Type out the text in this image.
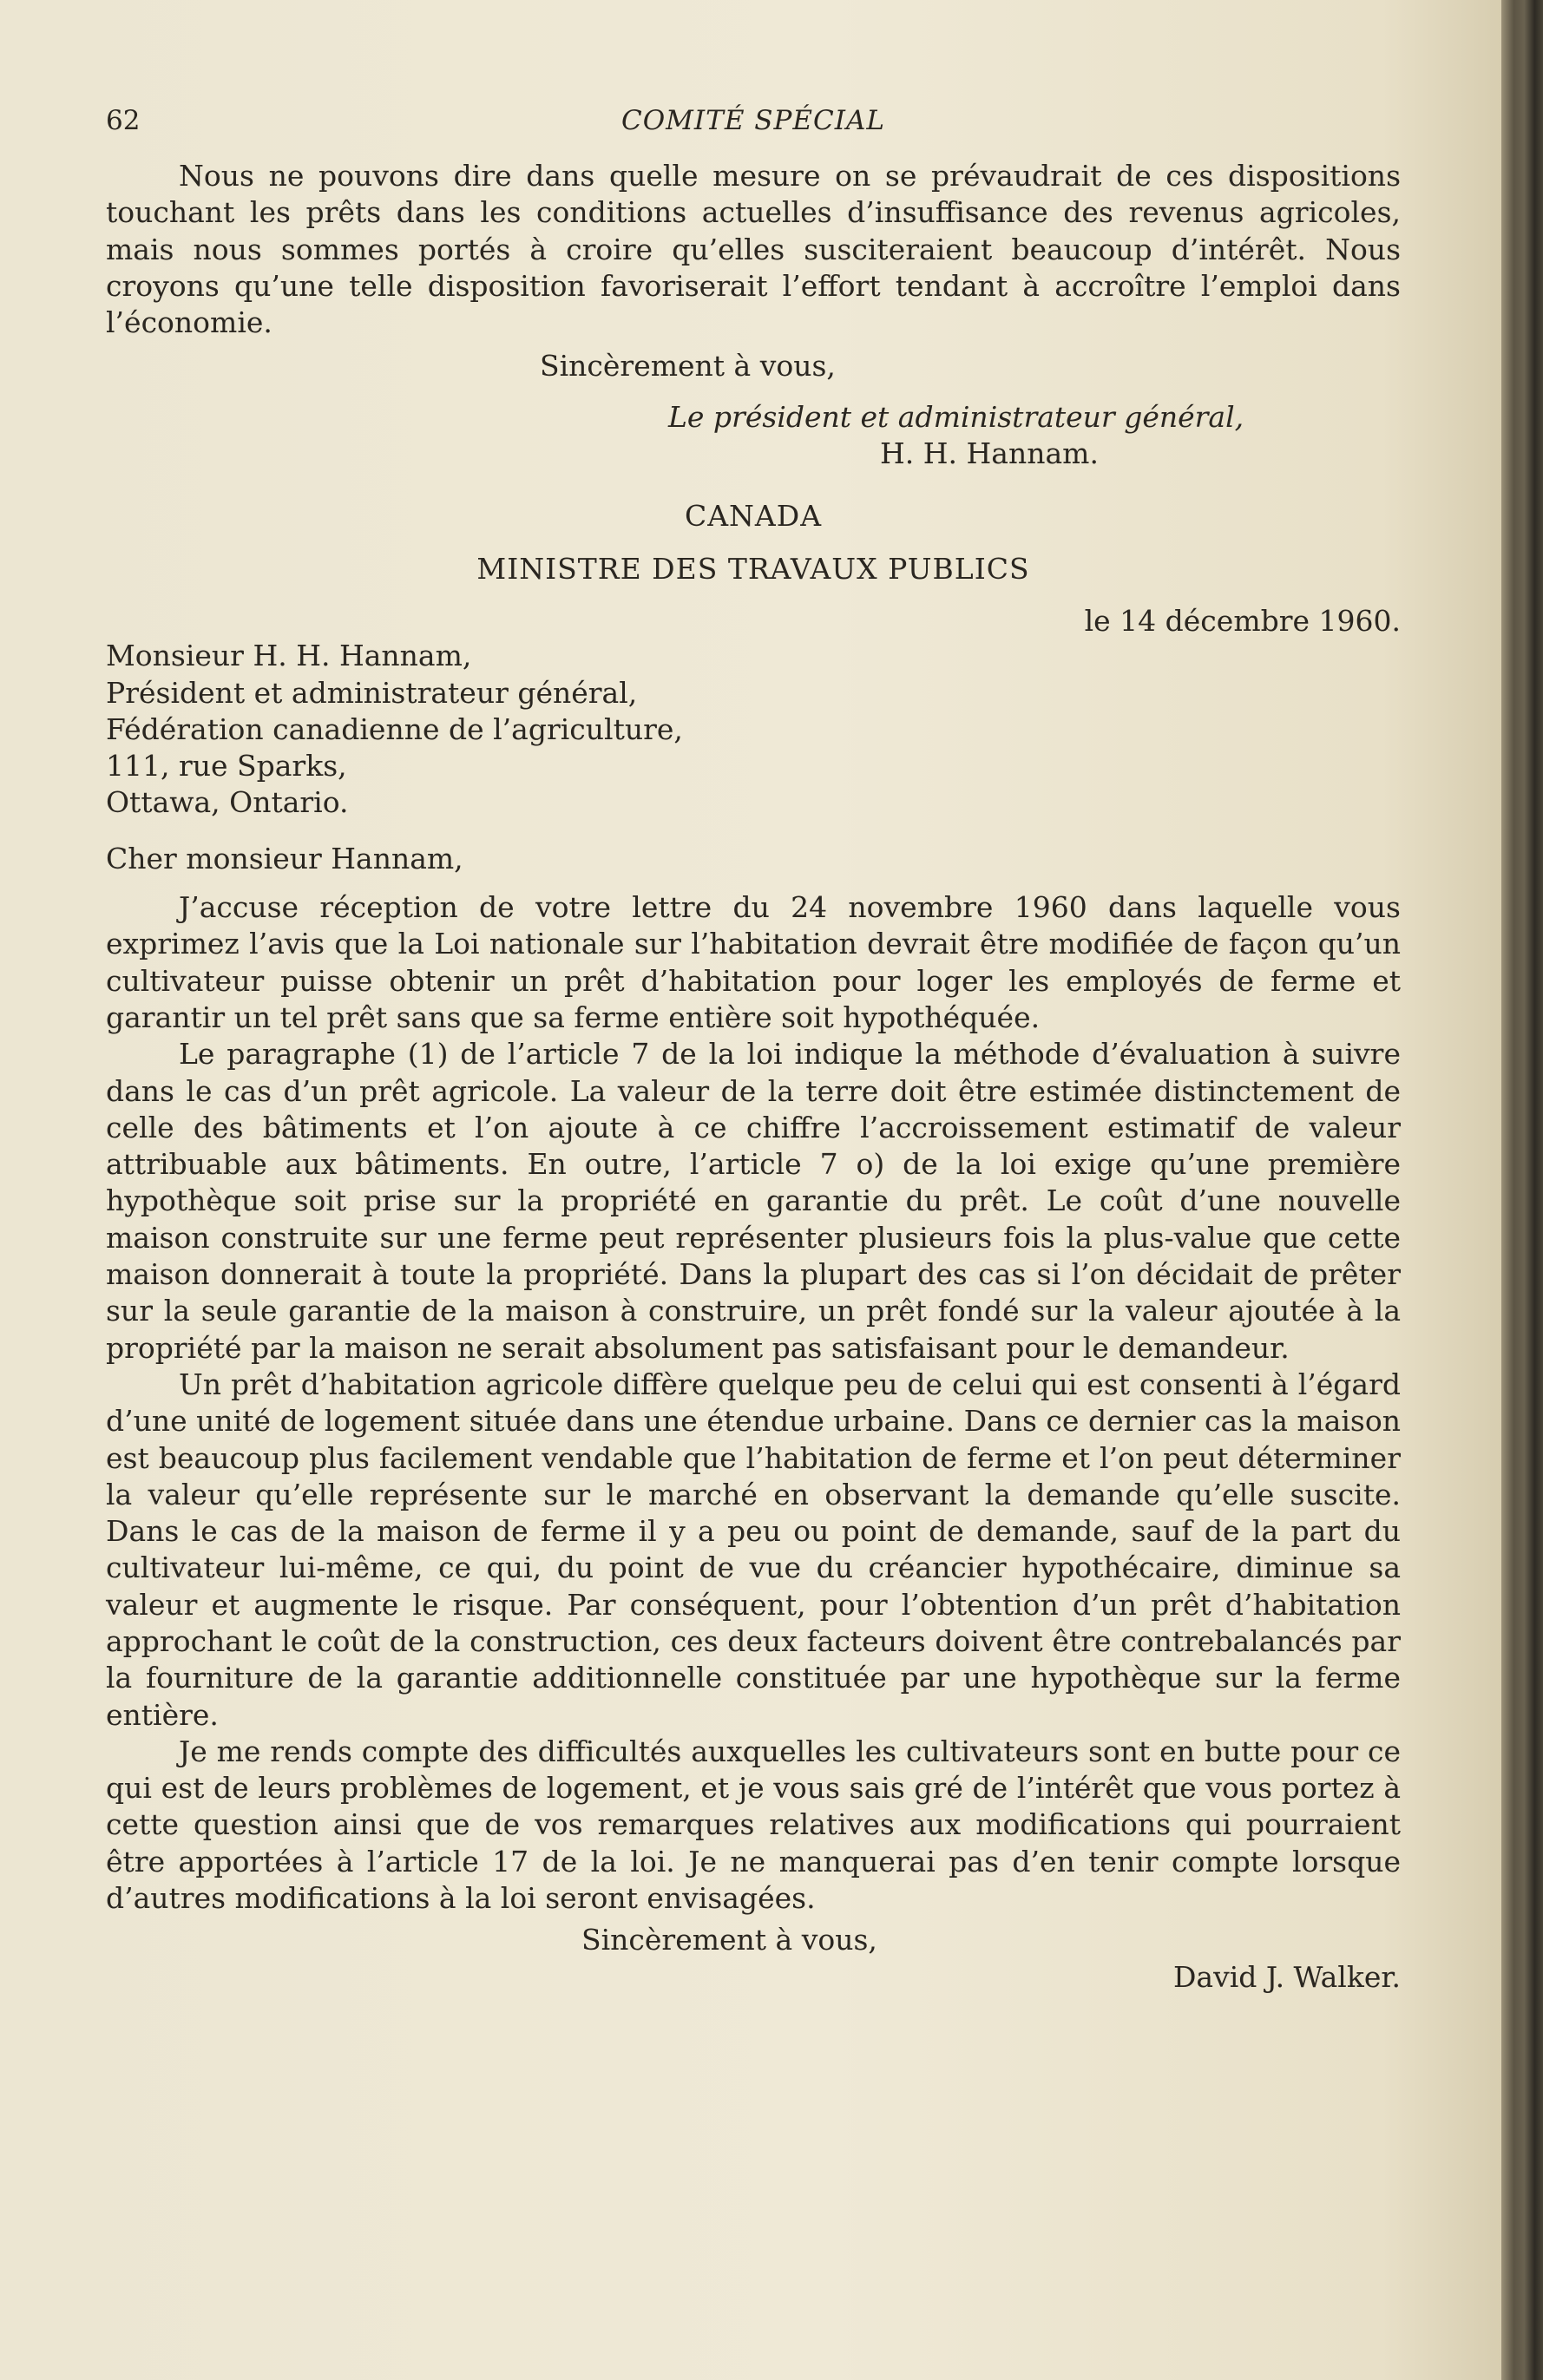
62	COMITÉ SPÉCIAL

Nous ne pouvons dire dans quelle mesure on se prévaudrait de ces dispositions touchant les prêts dans les conditions actuelles d’insuffisance des revenus agricoles, mais nous sommes portés à croire qu’elles susciteraient beaucoup d’intérêt. Nous croyons qu’une telle disposition favoriserait l’effort tendant à accroître l’emploi dans l’économie.

Sincèrement à vous,
Le président et administrateur général,
H. H. Hannam.
CANADA
MINISTRE DES TRAVAUX PUBLICS
le 14 décembre 1960.
Monsieur H. H. Hannam,
Président et administrateur général,
Fédération canadienne de l’agriculture,
111, rue Sparks,
Ottawa, Ontario.
Cher monsieur Hannam,

J’accuse réception de votre lettre du 24 novembre 1960 dans laquelle vous exprimez l’avis que la Loi nationale sur l’habitation devrait être modifiée de façon qu’un cultivateur puisse obtenir un prêt d’habitation pour loger les employés de ferme et garantir un tel prêt sans que sa ferme entière soit hypothéquée.

Le paragraphe (1) de l’article 7 de la loi indique la méthode d’évaluation à suivre dans le cas d’un prêt agricole. La valeur de la terre doit être estimée distinctement de celle des bâtiments et l’on ajoute à ce chiffre l’accroissement estimatif de valeur attribuable aux bâtiments. En outre, l’article 7 o) de la loi exige qu’une première hypothèque soit prise sur la propriété en garantie du prêt. Le coût d’une nouvelle maison construite sur une ferme peut représenter plusieurs fois la plus-value que cette maison donnerait à toute la propriété. Dans la plupart des cas si l’on décidait de prêter sur la seule garantie de la maison à construire, un prêt fondé sur la valeur ajoutée à la propriété par la maison ne serait absolument pas satisfaisant pour le demandeur.

Un prêt d’habitation agricole diffère quelque peu de celui qui est consenti à l’égard d’une unité de logement située dans une étendue urbaine. Dans ce dernier cas la maison est beaucoup plus facilement vendable que l’habitation de ferme et l’on peut déterminer la valeur qu’elle représente sur le marché en observant la demande qu’elle suscite. Dans le cas de la maison de ferme il y a peu ou point de demande, sauf de la part du cultivateur lui-même, ce qui, du point de vue du créancier hypothécaire, diminue sa valeur et augmente le risque. Par conséquent, pour l’obtention d’un prêt d’habitation approchant le coût de la construction, ces deux facteurs doivent être contrebalancés par la fourniture de la garantie additionnelle constituée par une hypothèque sur la ferme entière.

Je me rends compte des difficultés auxquelles les cultivateurs sont en butte pour ce qui est de leurs problèmes de logement, et je vous sais gré de l’intérêt que vous portez à cette question ainsi que de vos remarques relatives aux modifications qui pourraient être apportées à l’article 17 de la loi. Je ne manquerai pas d’en tenir compte lorsque d’autres modifications à la loi seront envisagées.

Sincèrement à vous,
David J. Walker.
